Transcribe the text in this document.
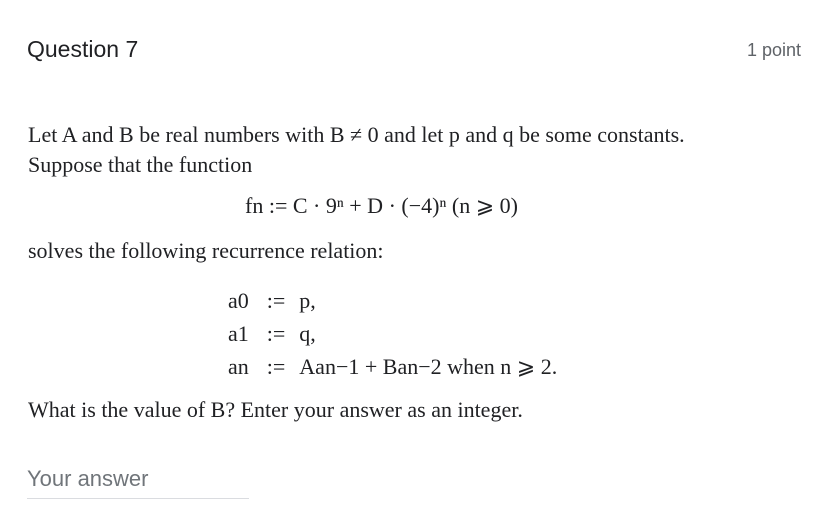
Question 7	1 point
Let A and B be real numbers with B ≠ 0 and let p and q be some constants.
Suppose that the function
fn := C · 9ⁿ + D · (−4)ⁿ (n ⩾ 0)
solves the following recurrence relation:
a0	:=	p,
a1	:=	q,
an	:=	Aan−1 + Ban−2 when n ⩾ 2.
What is the value of B? Enter your answer as an integer.
Your answer
